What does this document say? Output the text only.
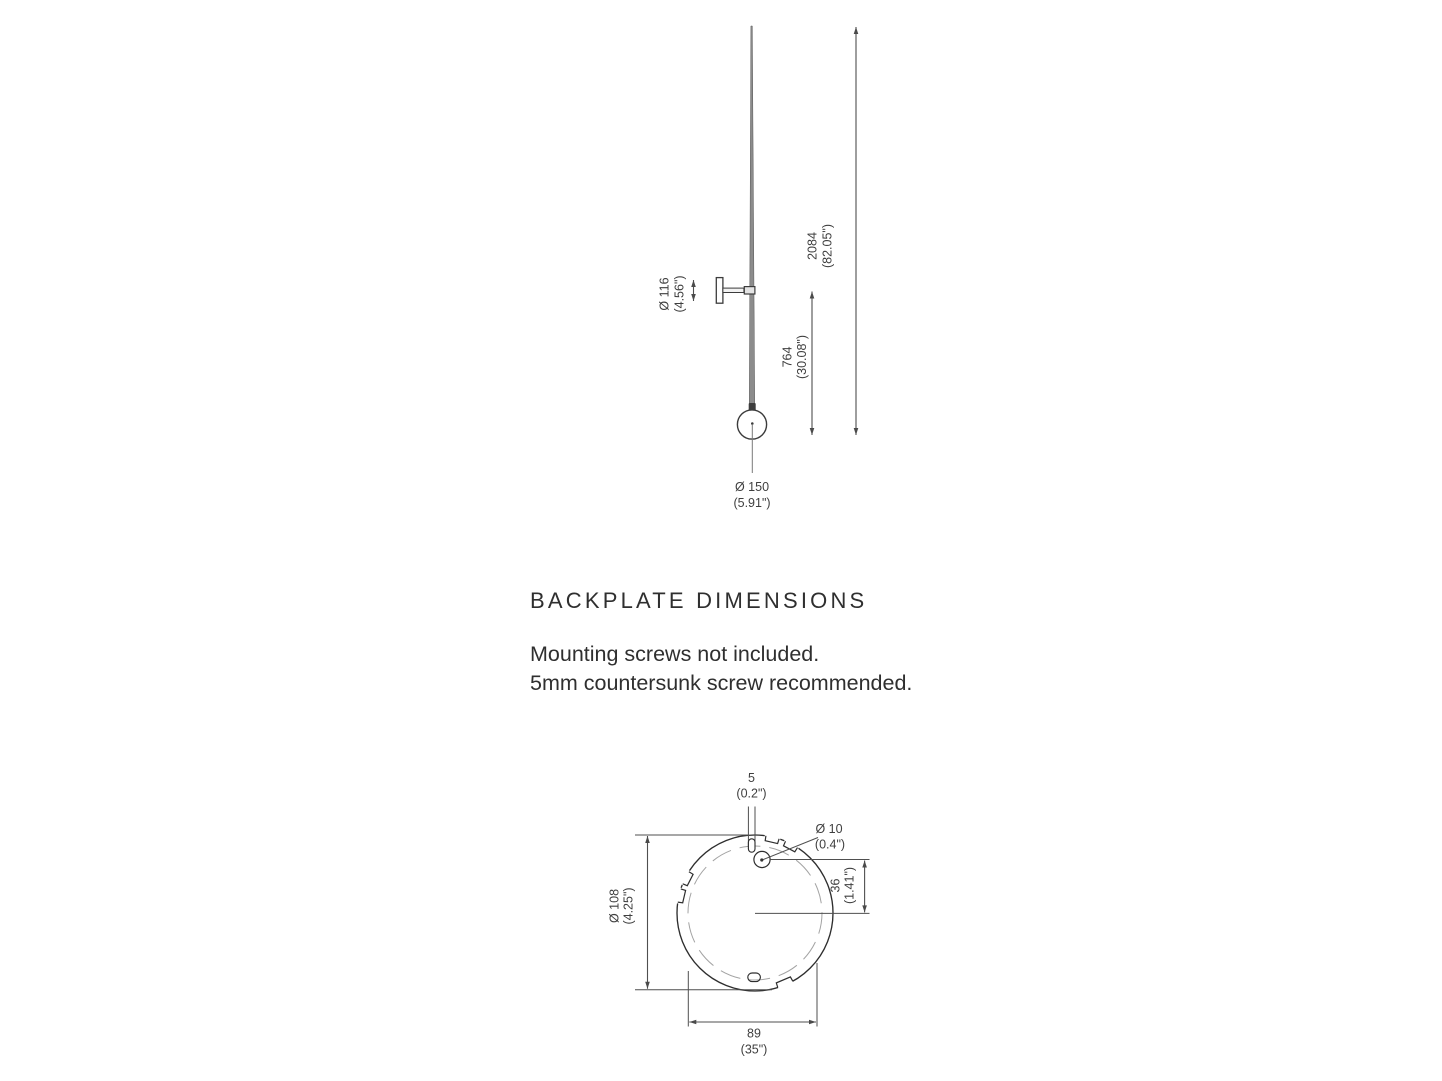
Ø 116 (4.56")
764 (30.08")
2084 (82.05")
Ø 150
(5.91")
BACKPLATE DIMENSIONS
Mounting screws not included.
5mm countersunk screw recommended.
5
(0.2")
Ø 10
(0.4")
36 (1.41")
Ø 108 (4.25")
89
(35")
